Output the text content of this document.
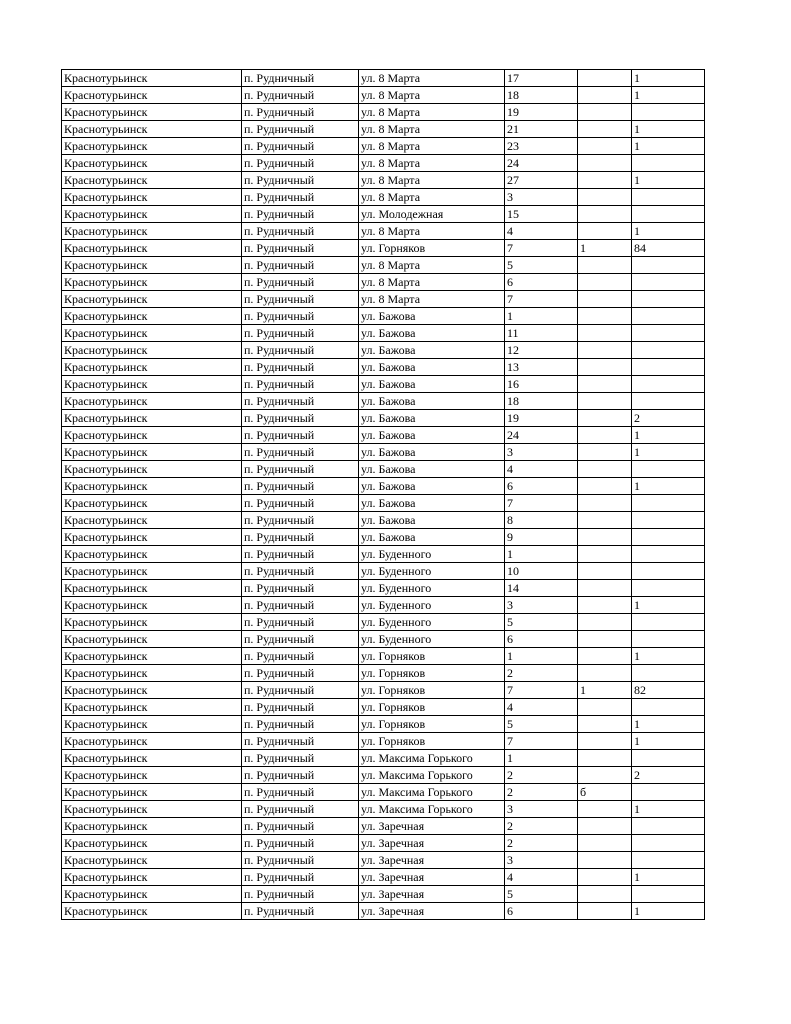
Краснотурьинск	п. Рудничный	ул. 8 Марта	17		1
Краснотурьинск	п. Рудничный	ул. 8 Марта	18		1
Краснотурьинск	п. Рудничный	ул. 8 Марта	19		
Краснотурьинск	п. Рудничный	ул. 8 Марта	21		1
Краснотурьинск	п. Рудничный	ул. 8 Марта	23		1
Краснотурьинск	п. Рудничный	ул. 8 Марта	24		
Краснотурьинск	п. Рудничный	ул. 8 Марта	27		1
Краснотурьинск	п. Рудничный	ул. 8 Марта	3		
Краснотурьинск	п. Рудничный	ул. Молодежная	15		
Краснотурьинск	п. Рудничный	ул. 8 Марта	4		1
Краснотурьинск	п. Рудничный	ул. Горняков	7	1	84
Краснотурьинск	п. Рудничный	ул. 8 Марта	5		
Краснотурьинск	п. Рудничный	ул. 8 Марта	6		
Краснотурьинск	п. Рудничный	ул. 8 Марта	7		
Краснотурьинск	п. Рудничный	ул. Бажова	1		
Краснотурьинск	п. Рудничный	ул. Бажова	11		
Краснотурьинск	п. Рудничный	ул. Бажова	12		
Краснотурьинск	п. Рудничный	ул. Бажова	13		
Краснотурьинск	п. Рудничный	ул. Бажова	16		
Краснотурьинск	п. Рудничный	ул. Бажова	18		
Краснотурьинск	п. Рудничный	ул. Бажова	19		2
Краснотурьинск	п. Рудничный	ул. Бажова	24		1
Краснотурьинск	п. Рудничный	ул. Бажова	3		1
Краснотурьинск	п. Рудничный	ул. Бажова	4		
Краснотурьинск	п. Рудничный	ул. Бажова	6		1
Краснотурьинск	п. Рудничный	ул. Бажова	7		
Краснотурьинск	п. Рудничный	ул. Бажова	8		
Краснотурьинск	п. Рудничный	ул. Бажова	9		
Краснотурьинск	п. Рудничный	ул. Буденного	1		
Краснотурьинск	п. Рудничный	ул. Буденного	10		
Краснотурьинск	п. Рудничный	ул. Буденного	14		
Краснотурьинск	п. Рудничный	ул. Буденного	3		1
Краснотурьинск	п. Рудничный	ул. Буденного	5		
Краснотурьинск	п. Рудничный	ул. Буденного	6		
Краснотурьинск	п. Рудничный	ул. Горняков	1		1
Краснотурьинск	п. Рудничный	ул. Горняков	2		
Краснотурьинск	п. Рудничный	ул. Горняков	7	1	82
Краснотурьинск	п. Рудничный	ул. Горняков	4		
Краснотурьинск	п. Рудничный	ул. Горняков	5		1
Краснотурьинск	п. Рудничный	ул. Горняков	7		1
Краснотурьинск	п. Рудничный	ул. Максима Горького	1		
Краснотурьинск	п. Рудничный	ул. Максима Горького	2		2
Краснотурьинск	п. Рудничный	ул. Максима Горького	2	б	
Краснотурьинск	п. Рудничный	ул. Максима Горького	3		1
Краснотурьинск	п. Рудничный	ул. Заречная	2		
Краснотурьинск	п. Рудничный	ул. Заречная	2		
Краснотурьинск	п. Рудничный	ул. Заречная	3		
Краснотурьинск	п. Рудничный	ул. Заречная	4		1
Краснотурьинск	п. Рудничный	ул. Заречная	5		
Краснотурьинск	п. Рудничный	ул. Заречная	6		1
